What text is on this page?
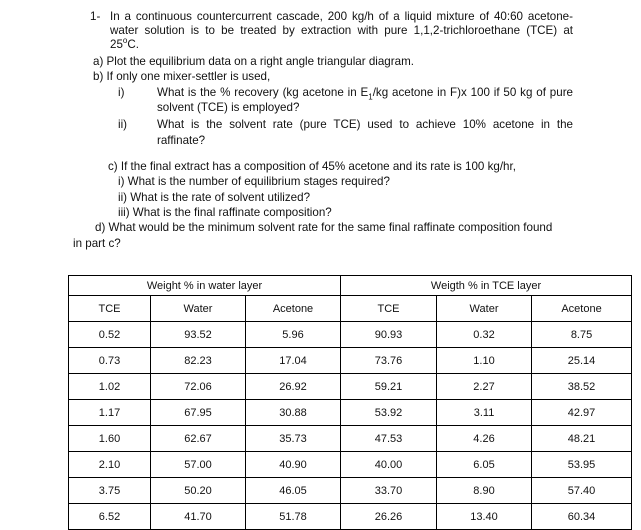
1- In a continuous countercurrent cascade, 200 kg/h of a liquid mixture of 40:60 acetone-
water solution is to be treated by extraction with pure 1,1,2-trichloroethane (TCE) at
25$^o$C.
a) Plot the equilibrium data on a right angle triangular diagram.
b) If only one mixer-settler is used,
i)	What is the % recovery (kg acetone in $E_1/kg$ acetone in F)x 100 if 50 kg of pure
solvent (TCE) is employed?
ii)	What is the solvent rate (pure TCE) used to achieve 10% acetone in the
raffinate?
c) If the final extract has a composition of 45% acetone and its rate is 100 kg/hr,
i) What is the number of equilibrium stages required?
ii) What is the rate of solvent utilized?
iii) What is the final raffinate composition?
d) What would be the minimum solvent rate for the same final raffinate composition found
in part c?
Weight % in water layer			Weigth % in TCE layer		
TCE	Water	Acetone	TCE	Water	Acetone
0.52	93.52	5.96	90.93	0.32	8.75
0.73	82.23	17.04	73.76	1.10	25.14
1.02	72.06	26.92	59.21	2.27	38.52
1.17	67.95	30.88	53.92	3.11	42.97
1.60	62.67	35.73	47.53	4.26	48.21
2.10	57.00	40.90	40.00	6.05	53.95
3.75	50.20	46.05	33.70	8.90	57.40
6.52	41.70	51.78	26.26	13.40	60.34
